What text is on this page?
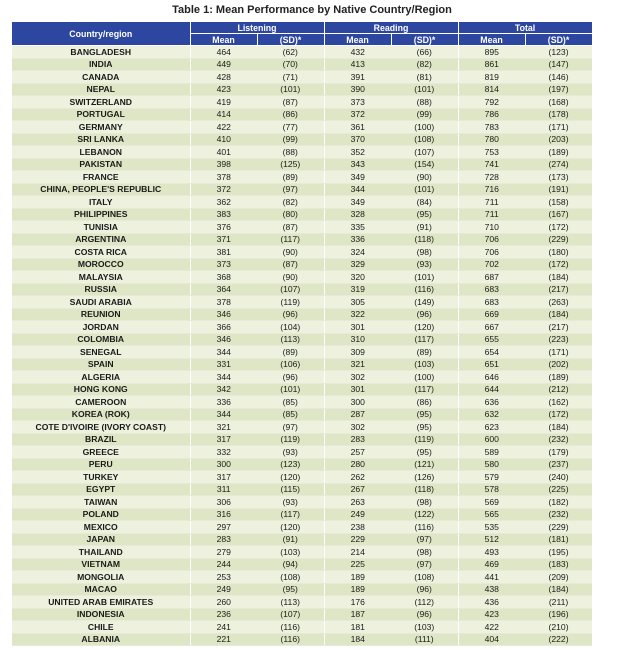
Table 1: Mean Performance by Native Country/Region
Country/region	Listening		Reading		Total	
	Mean	(SD)*	Mean	(SD)*	Mean	(SD)*
BANGLADESH	464	(62)	432	(66)	895	(123)
INDIA	449	(70)	413	(82)	861	(147)
CANADA	428	(71)	391	(81)	819	(146)
NEPAL	423	(101)	390	(101)	814	(197)
SWITZERLAND	419	(87)	373	(88)	792	(168)
PORTUGAL	414	(86)	372	(99)	786	(178)
GERMANY	422	(77)	361	(100)	783	(171)
SRI LANKA	410	(99)	370	(108)	780	(203)
LEBANON	401	(88)	352	(107)	753	(189)
PAKISTAN	398	(125)	343	(154)	741	(274)
FRANCE	378	(89)	349	(90)	728	(173)
CHINA, PEOPLE'S REPUBLIC	372	(97)	344	(101)	716	(191)
ITALY	362	(82)	349	(84)	711	(158)
PHILIPPINES	383	(80)	328	(95)	711	(167)
TUNISIA	376	(87)	335	(91)	710	(172)
ARGENTINA	371	(117)	336	(118)	706	(229)
COSTA RICA	381	(90)	324	(98)	706	(180)
MOROCCO	373	(87)	329	(93)	702	(172)
MALAYSIA	368	(90)	320	(101)	687	(184)
RUSSIA	364	(107)	319	(116)	683	(217)
SAUDI ARABIA	378	(119)	305	(149)	683	(263)
REUNION	346	(96)	322	(96)	669	(184)
JORDAN	366	(104)	301	(120)	667	(217)
COLOMBIA	346	(113)	310	(117)	655	(223)
SENEGAL	344	(89)	309	(89)	654	(171)
SPAIN	331	(106)	321	(103)	651	(202)
ALGERIA	344	(96)	302	(100)	646	(189)
HONG KONG	342	(101)	301	(117)	644	(212)
CAMEROON	336	(85)	300	(86)	636	(162)
KOREA (ROK)	344	(85)	287	(95)	632	(172)
COTE D'IVOIRE (IVORY COAST)	321	(97)	302	(95)	623	(184)
BRAZIL	317	(119)	283	(119)	600	(232)
GREECE	332	(93)	257	(95)	589	(179)
PERU	300	(123)	280	(121)	580	(237)
TURKEY	317	(120)	262	(126)	579	(240)
EGYPT	311	(115)	267	(118)	578	(225)
TAIWAN	306	(93)	263	(98)	569	(182)
POLAND	316	(117)	249	(122)	565	(232)
MEXICO	297	(120)	238	(116)	535	(229)
JAPAN	283	(91)	229	(97)	512	(181)
THAILAND	279	(103)	214	(98)	493	(195)
VIETNAM	244	(94)	225	(97)	469	(183)
MONGOLIA	253	(108)	189	(108)	441	(209)
MACAO	249	(95)	189	(96)	438	(184)
UNITED ARAB EMIRATES	260	(113)	176	(112)	436	(211)
INDONESIA	236	(107)	187	(96)	423	(196)
CHILE	241	(116)	181	(103)	422	(210)
ALBANIA	221	(116)	184	(111)	404	(222)
